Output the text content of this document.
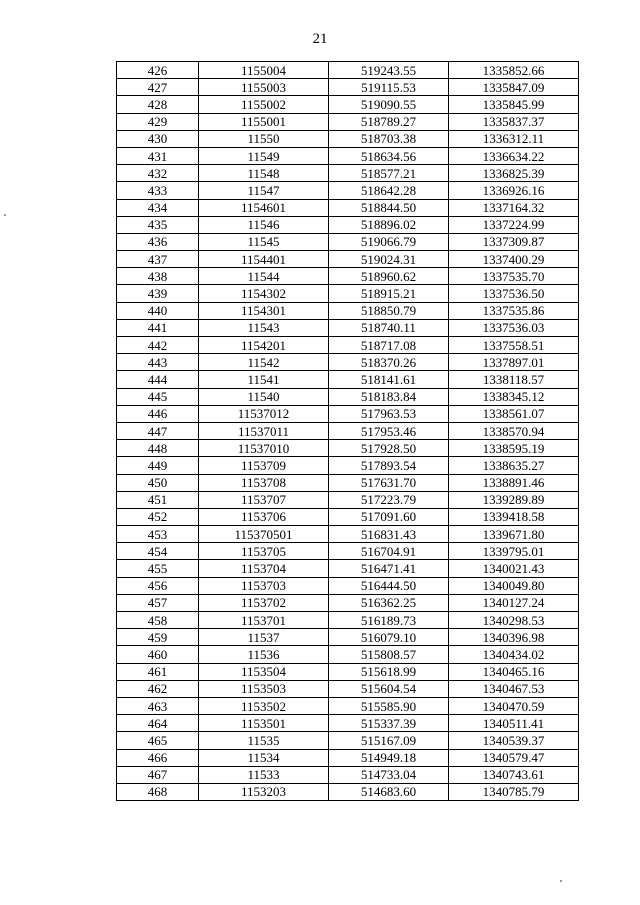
21
426	1155004	519243.55	1335852.66
427	1155003	519115.53	1335847.09
428	1155002	519090.55	1335845.99
429	1155001	518789.27	1335837.37
430	11550	518703.38	1336312.11
431	11549	518634.56	1336634.22
432	11548	518577.21	1336825.39
433	11547	518642.28	1336926.16
434	1154601	518844.50	1337164.32
435	11546	518896.02	1337224.99
436	11545	519066.79	1337309.87
437	1154401	519024.31	1337400.29
438	11544	518960.62	1337535.70
439	1154302	518915.21	1337536.50
440	1154301	518850.79	1337535.86
441	11543	518740.11	1337536.03
442	1154201	518717.08	1337558.51
443	11542	518370.26	1337897.01
444	11541	518141.61	1338118.57
445	11540	518183.84	1338345.12
446	11537012	517963.53	1338561.07
447	11537011	517953.46	1338570.94
448	11537010	517928.50	1338595.19
449	1153709	517893.54	1338635.27
450	1153708	517631.70	1338891.46
451	1153707	517223.79	1339289.89
452	1153706	517091.60	1339418.58
453	115370501	516831.43	1339671.80
454	1153705	516704.91	1339795.01
455	1153704	516471.41	1340021.43
456	1153703	516444.50	1340049.80
457	1153702	516362.25	1340127.24
458	1153701	516189.73	1340298.53
459	11537	516079.10	1340396.98
460	11536	515808.57	1340434.02
461	1153504	515618.99	1340465.16
462	1153503	515604.54	1340467.53
463	1153502	515585.90	1340470.59
464	1153501	515337.39	1340511.41
465	11535	515167.09	1340539.37
466	11534	514949.18	1340579.47
467	11533	514733.04	1340743.61
468	1153203	514683.60	1340785.79
